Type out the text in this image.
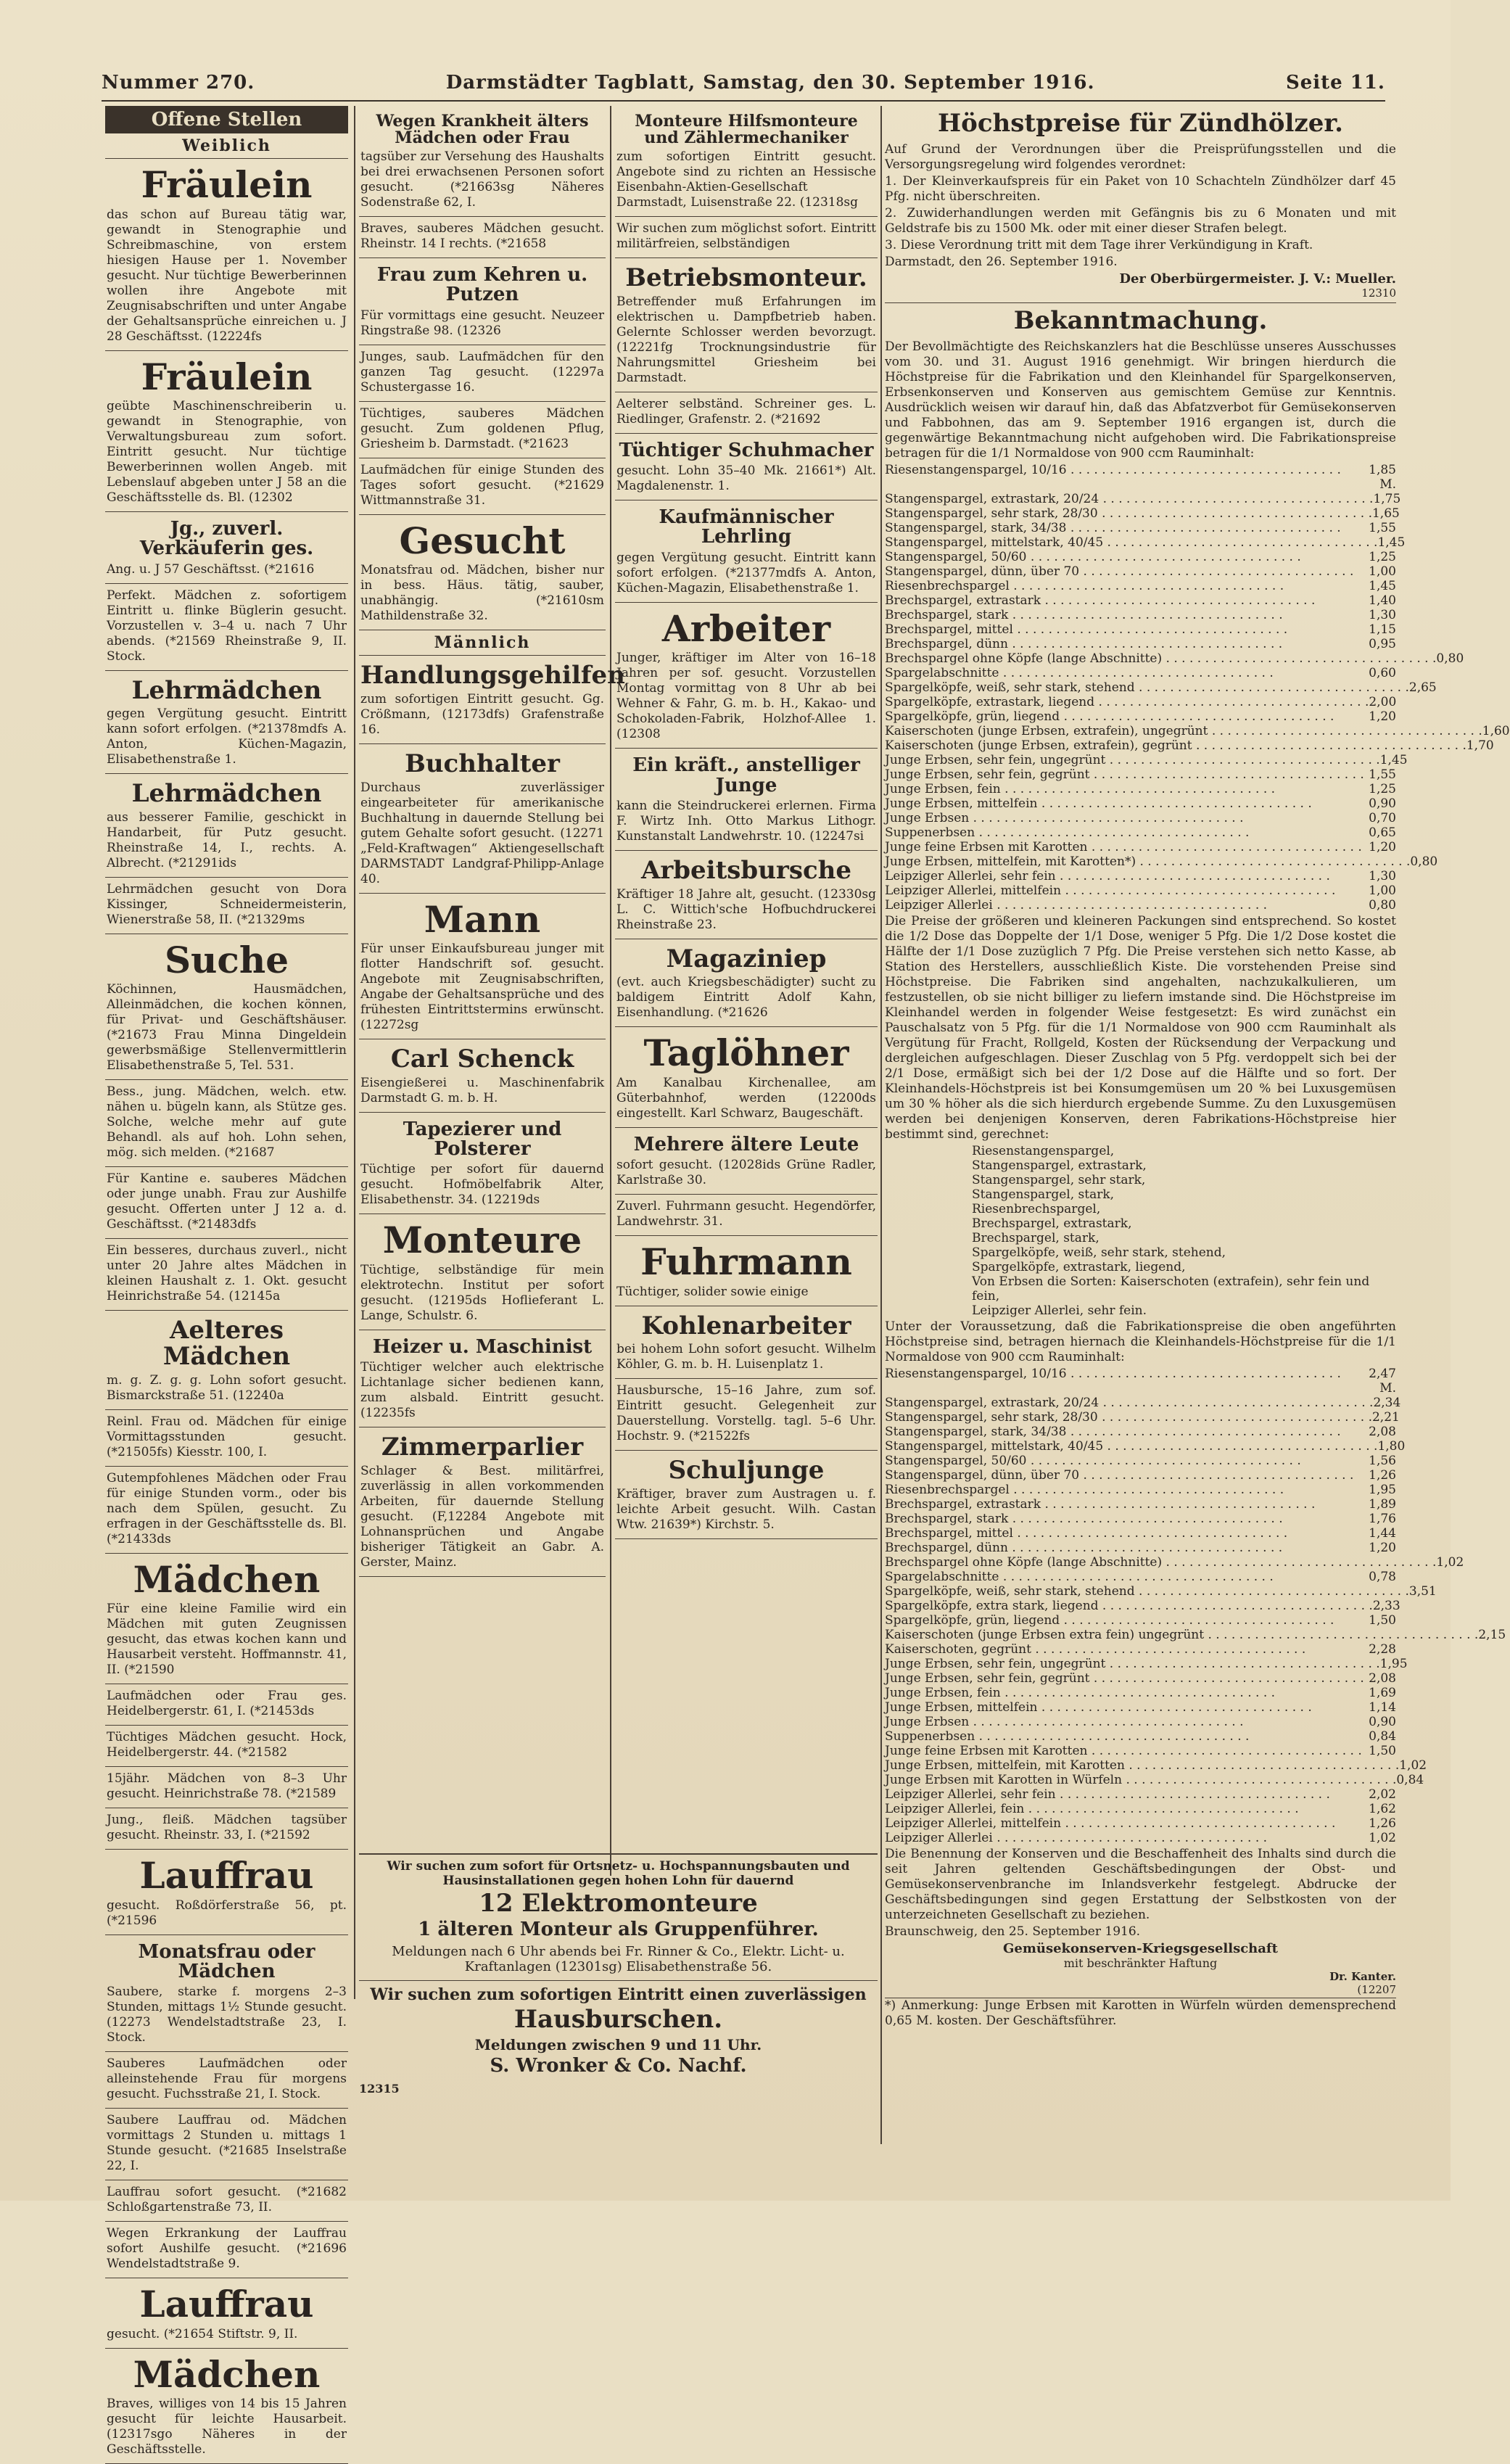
Nummer 270.	Darmstädter Tagblatt, Samstag, den 30. September 1916.	Seite 11.
Offene Stellen
Weiblich
Fräulein

das schon auf Bureau tätig war, gewandt in Stenographie und Schreibmaschine, von erstem hiesigen Hause per 1. November gesucht. Nur tüchtige Bewerberinnen wollen ihre Angebote mit Zeugnisabschriften und unter Angabe der Gehaltsansprüche einreichen u. J 28 Geschäftsst. (12224fs

Fräulein

geübte Maschinenschreiberin u. gewandt in Stenographie, von Verwaltungsbureau zum sofort. Eintritt gesucht. Nur tüchtige Bewerberinnen wollen Angeb. mit Lebenslauf abgeben unter J 58 an die Geschäftsstelle ds. Bl. (12302

Jg., zuverl. Verkäuferin ges.

Ang. u. J 57 Geschäftsst. (*21616

Perfekt. Mädchen z. sofortigem Eintritt u. flinke Büglerin gesucht. Vorzustellen v. 3–4 u. nach 7 Uhr abends. (*21569 Rheinstraße 9, II. Stock.

Lehrmädchen

gegen Vergütung gesucht. Eintritt kann sofort erfolgen. (*21378mdfs A. Anton, Küchen-Magazin, Elisabethenstraße 1.

Lehrmädchen

aus besserer Familie, geschickt in Handarbeit, für Putz gesucht. Rheinstraße 14, I., rechts. A. Albrecht. (*21291ids

Lehrmädchen gesucht von Dora Kissinger, Schneidermeisterin, Wienerstraße 58, II. (*21329ms

Suche

Köchinnen, Hausmädchen, Alleinmädchen, die kochen können, für Privat- und Geschäftshäuser. (*21673 Frau Minna Dingeldein gewerbsmäßige Stellenvermittlerin Elisabethenstraße 5, Tel. 531.

Bess., jung. Mädchen, welch. etw. nähen u. bügeln kann, als Stütze ges. Solche, welche mehr auf gute Behandl. als auf hoh. Lohn sehen, mög. sich melden. (*21687

Für Kantine e. sauberes Mädchen oder junge unabh. Frau zur Aushilfe gesucht. Offerten unter J 12 a. d. Geschäftsst. (*21483dfs

Ein besseres, durchaus zuverl., nicht unter 20 Jahre altes Mädchen in kleinen Haushalt z. 1. Okt. gesucht Heinrichstraße 54. (12145a

Aelteres Mädchen

m. g. Z. g. g. Lohn sofort gesucht. Bismarckstraße 51. (12240a

Reinl. Frau od. Mädchen für einige Vormittagsstunden gesucht. (*21505fs) Kiesstr. 100, I.

Gutempfohlenes Mädchen oder Frau für einige Stunden vorm., oder bis nach dem Spülen, gesucht. Zu erfragen in der Geschäftsstelle ds. Bl. (*21433ds

Mädchen

Für eine kleine Familie wird ein Mädchen mit guten Zeugnissen gesucht, das etwas kochen kann und Hausarbeit versteht. Hoffmannstr. 41, II. (*21590

Laufmädchen oder Frau ges. Heidelbergerstr. 61, I. (*21453ds

Tüchtiges Mädchen gesucht. Hock, Heidelbergerstr. 44. (*21582

15jähr. Mädchen von 8–3 Uhr gesucht. Heinrichstraße 78. (*21589

Jung., fleiß. Mädchen tagsüber gesucht. Rheinstr. 33, I. (*21592

Lauffrau

gesucht. Roßdörferstraße 56, pt. (*21596

Monatsfrau oder Mädchen

Saubere, starke f. morgens 2–3 Stunden, mittags 1½ Stunde gesucht. (12273 Wendelstadtstraße 23, I. Stock.

Sauberes Laufmädchen oder alleinstehende Frau für morgens gesucht. Fuchsstraße 21, I. Stock.

Saubere Lauffrau od. Mädchen vormittags 2 Stunden u. mittags 1 Stunde gesucht. (*21685 Inselstraße 22, I.

Lauffrau sofort gesucht. (*21682 Schloßgartenstraße 73, II.

Wegen Erkrankung der Lauffrau sofort Aushilfe gesucht. (*21696 Wendelstadtstraße 9.

Lauffrau

gesucht. (*21654 Stiftstr. 9, II.

Mädchen

Braves, williges von 14 bis 15 Jahren gesucht für leichte Hausarbeit. (12317sgo Näheres in der Geschäftsstelle.

Wegen Krankheit älters Mädchen oder Frau

tagsüber zur Versehung des Haushalts bei drei erwachsenen Personen sofort gesucht. (*21663sg Näheres Sodenstraße 62, I.

Braves, sauberes Mädchen gesucht. Rheinstr. 14 I rechts. (*21658

Frau zum Kehren u. Putzen

Für vormittags eine gesucht. Neuzeer Ringstraße 98. (12326

Junges, saub. Laufmädchen für den ganzen Tag gesucht. (12297a Schustergasse 16.

Tüchtiges, sauberes Mädchen gesucht. Zum goldenen Pflug, Griesheim b. Darmstadt. (*21623

Laufmädchen für einige Stunden des Tages sofort gesucht. (*21629 Wittmannstraße 31.

Gesucht

Monatsfrau od. Mädchen, bisher nur in bess. Häus. tätig, sauber, unabhängig. (*21610sm Mathildenstraße 32.

Männlich
Handlungsgehilfen

zum sofortigen Eintritt gesucht. Gg. Crößmann, (12173dfs) Grafenstraße 16.

Buchhalter

Durchaus zuverlässiger eingearbeiteter für amerikanische Buchhaltung in dauernde Stellung bei gutem Gehalte sofort gesucht. (12271 „Feld-Kraftwagen“ Aktiengesellschaft DARMSTADT Landgraf-Philipp-Anlage 40.

Mann

Für unser Einkaufsbureau junger mit flotter Handschrift sof. gesucht. Angebote mit Zeugnisabschriften, Angabe der Gehaltsansprüche und des frühesten Eintrittstermins erwünscht. (12272sg

Carl Schenck

Eisengießerei u. Maschinenfabrik Darmstadt G. m. b. H.

Tapezierer und Polsterer

Tüchtige per sofort für dauernd gesucht. Hofmöbelfabrik Alter, Elisabethenstr. 34. (12219ds

Monteure

Tüchtige, selbständige für mein elektrotechn. Institut per sofort gesucht. (12195ds Hoflieferant L. Lange, Schulstr. 6.

Heizer u. Maschinist

Tüchtiger welcher auch elektrische Lichtanlage sicher bedienen kann, zum alsbald. Eintritt gesucht. (12235fs

Zimmerparlier

Schlager & Best. militärfrei, zuverlässig in allen vorkommenden Arbeiten, für dauernde Stellung gesucht. (F,12284 Angebote mit Lohnansprüchen und Angabe bisheriger Tätigkeit an Gabr. A. Gerster, Mainz.

Monteure Hilfsmonteure und Zählermechaniker

zum sofortigen Eintritt gesucht. Angebote sind zu richten an Hessische Eisenbahn-Aktien-Gesellschaft Darmstadt, Luisenstraße 22. (12318sg

Wir suchen zum möglichst sofort. Eintritt militärfreien, selbständigen

Betriebsmonteur.

Betreffender muß Erfahrungen im elektrischen u. Dampfbetrieb haben. Gelernte Schlosser werden bevorzugt. (12221fg Trocknungsindustrie für Nahrungsmittel Griesheim bei Darmstadt.

Aelterer selbständ. Schreiner ges. L. Riedlinger, Grafenstr. 2. (*21692

Tüchtiger Schuhmacher

gesucht. Lohn 35–40 Mk. 21661*) Alt. Magdalenenstr. 1.

Kaufmännischer Lehrling

gegen Vergütung gesucht. Eintritt kann sofort erfolgen. (*21377mdfs A. Anton, Küchen-Magazin, Elisabethenstraße 1.

Arbeiter

Junger, kräftiger im Alter von 16–18 Jahren per sof. gesucht. Vorzustellen Montag vormittag von 8 Uhr ab bei Wehner & Fahr, G. m. b. H., Kakao- und Schokoladen-Fabrik, Holzhof-Allee 1. (12308

Ein kräft., anstelliger Junge

kann die Steindruckerei erlernen. Firma F. Wirtz Inh. Otto Markus Lithogr. Kunstanstalt Landwehrstr. 10. (12247si

Arbeitsbursche

Kräftiger 18 Jahre alt, gesucht. (12330sg L. C. Wittich'sche Hofbuchdruckerei Rheinstraße 23.

Magaziniер

(evt. auch Kriegsbeschädigter) sucht zu baldigem Eintritt Adolf Kahn, Eisenhandlung. (*21626

Taglöhner

Am Kanalbau Kirchenallee, am Güterbahnhof, werden (12200ds eingestellt. Karl Schwarz, Baugeschäft.

Mehrere ältere Leute

sofort gesucht. (12028ids Grüne Radler, Karlstraße 30.

Zuverl. Fuhrmann gesucht. Hegendörfer, Landwehrstr. 31.

Fuhrmann

Tüchtiger, solider sowie einige

Kohlenarbeiter

bei hohem Lohn sofort gesucht. Wilhelm Köhler, G. m. b. H. Luisenplatz 1.

Hausbursche, 15–16 Jahre, zum sof. Eintritt gesucht. Gelegenheit zur Dauerstellung. Vorstellg. tagl. 5–6 Uhr. Hochstr. 9. (*21522fs

Schuljunge

Kräftiger, braver zum Austragen u. f. leichte Arbeit gesucht. Wilh. Castan Wtw. 21639*) Kirchstr. 5.

Wir suchen zum sofort für Ortsnetz- u. Hochspannungsbauten und Hausinstallationen gegen hohen Lohn für dauernd
12 Elektromonteure
1 älteren Monteur als Gruppenführer.
Meldungen nach 6 Uhr abends bei Fr. Rinner & Co., Elektr. Licht- u. Kraftanlagen (12301sg) Elisabethenstraße 56.
Wir suchen zum sofortigen Eintritt einen zuverlässigen
Hausburschen.
Meldungen zwischen 9 und 11 Uhr.
S. Wronker & Co. Nachf.
12315
Höchstpreise für Zündhölzer.
Auf Grund der Verordnungen über die Preisprüfungsstellen und die Versorgungsregelung wird folgendes verordnet:
1. Der Kleinverkaufspreis für ein Paket von 10 Schachteln Zündhölzer darf 45 Pfg. nicht überschreiten.
2. Zuwiderhandlungen werden mit Gefängnis bis zu 6 Monaten und mit Geldstrafe bis zu 1500 Mk. oder mit einer dieser Strafen belegt.
3. Diese Verordnung tritt mit dem Tage ihrer Verkündigung in Kraft.
Darmstadt, den 26. September 1916.
Der Oberbürgermeister. J. V.: Mueller.
12310
Bekanntmachung.
Der Bevollmächtigte des Reichskanzlers hat die Beschlüsse unseres Ausschusses vom 30. und 31. August 1916 genehmigt. Wir bringen hierdurch die Höchstpreise für die Fabrikation und den Kleinhandel für Spargelkonserven, Erbsenkonserven und Konserven aus gemischtem Gemüse zur Kenntnis. Ausdrücklich weisen wir darauf hin, daß das Abfatzverbot für Gemüsekonserven und Fabbohnen, das am 9. September 1916 ergangen ist, durch die gegenwärtige Bekanntmachung nicht aufgehoben wird. Die Fabrikationspreise betragen für die 1/1 Normaldose von 900 ccm Rauminhalt:
Riesenstangenspargel, 10/16 . . .	1,85 M.
Stangenspargel, extrastark, 20/24 . . .	1,75
Stangenspargel, sehr stark, 28/30 . . .	1,65
Stangenspargel, stark, 34/38 . . .	1,55
Stangenspargel, mittelstark, 40/45 . . .	1,45
Stangenspargel, 50/60 . . .	1,25
Stangenspargel, dünn, über 70 . . .	1,00
Riesenbrechspargel . . .	1,45
Brechspargel, extrastark . . .	1,40
Brechspargel, stark . . .	1,30
Brechspargel, mittel . . .	1,15
Brechspargel, dünn . . .	0,95
Brechspargel ohne Köpfe (lange Abschnitte) . . .	0,80
Spargelabschnitte . . .	0,60
Spargelköpfe, weiß, sehr stark, stehend . . .	2,65
Spargelköpfe, extrastark, liegend . . .	2,00
Spargelköpfe, grün, liegend . . .	1,20
Kaiserschoten (junge Erbsen, extrafein), ungegrünt . . .	1,60
Kaiserschoten (junge Erbsen, extrafein), gegrünt . . .	1,70
Junge Erbsen, sehr fein, ungegrünt . . .	1,45
Junge Erbsen, sehr fein, gegrünt . . .	1,55
Junge Erbsen, fein . . .	1,25
Junge Erbsen, mittelfein . . .	0,90
Junge Erbsen . . .	0,70
Suppenerbsen . . .	0,65
Junge feine Erbsen mit Karotten . . .	1,20
Junge Erbsen, mittelfein, mit Karotten*) . . .	0,80
Leipziger Allerlei, sehr fein . . .	1,30
Leipziger Allerlei, mittelfein . . .	1,00
Leipziger Allerlei . . .	0,80
Die Preise der größeren und kleineren Packungen sind entsprechend. So kostet die 1/2 Dose das Doppelte der 1/1 Dose, weniger 5 Pfg. Die 1/2 Dose kostet die Hälfte der 1/1 Dose zuzüglich 7 Pfg. Die Preise verstehen sich netto Kasse, ab Station des Herstellers, ausschließlich Kiste. Die vorstehenden Preise sind Höchstpreise. Die Fabriken sind angehalten, nachzukalkulieren, um festzustellen, ob sie nicht billiger zu liefern imstande sind. Die Höchstpreise im Kleinhandel werden in folgender Weise festgesetzt: Es wird zunächst ein Pauschalsatz von 5 Pfg. für die 1/1 Normaldose von 900 ccm Rauminhalt als Vergütung für Fracht, Rollgeld, Kosten der Rücksendung der Verpackung und dergleichen aufgeschlagen. Dieser Zuschlag von 5 Pfg. verdoppelt sich bei der 2/1 Dose, ermäßigt sich bei der 1/2 Dose auf die Hälfte und so fort. Der Kleinhandels-Höchstpreis ist bei Konsumgemüsen um 20 % bei Luxusgemüsen um 30 % höher als die sich hierdurch ergebende Summe. Zu den Luxusgemüsen werden bei denjenigen Konserven, deren Fabrikations-Höchstpreise hier bestimmt sind, gerechnet:
Riesenstangenspargel,
Stangenspargel, extrastark,
Stangenspargel, sehr stark,
Stangenspargel, stark,
Riesenbrechspargel,
Brechspargel, extrastark,
Brechspargel, stark,
Spargelköpfe, weiß, sehr stark, stehend,
Spargelköpfe, extrastark, liegend,
Von Erbsen die Sorten: Kaiserschoten (extrafein), sehr fein und fein,
Leipziger Allerlei, sehr fein.
Unter der Voraussetzung, daß die Fabrikationspreise die oben angeführten Höchstpreise sind, betragen hiernach die Kleinhandels-Höchstpreise für die 1/1 Normaldose von 900 ccm Rauminhalt:
Riesenstangenspargel, 10/16 . . .	2,47 M.
Stangenspargel, extrastark, 20/24 . . .	2,34
Stangenspargel, sehr stark, 28/30 . . .	2,21
Stangenspargel, stark, 34/38 . . .	2,08
Stangenspargel, mittelstark, 40/45 . . .	1,80
Stangenspargel, 50/60 . . .	1,56
Stangenspargel, dünn, über 70 . . .	1,26
Riesenbrechspargel . . .	1,95
Brechspargel, extrastark . . .	1,89
Brechspargel, stark . . .	1,76
Brechspargel, mittel . . .	1,44
Brechspargel, dünn . . .	1,20
Brechspargel ohne Köpfe (lange Abschnitte) . . .	1,02
Spargelabschnitte . . .	0,78
Spargelköpfe, weiß, sehr stark, stehend . . .	3,51
Spargelköpfe, extra stark, liegend . . .	2,33
Spargelköpfe, grün, liegend . . .	1,50
Kaiserschoten (junge Erbsen extra fein) ungegrünt . . .	2,15
Kaiserschoten, gegrünt . . .	2,28
Junge Erbsen, sehr fein, ungegrünt . . .	1,95
Junge Erbsen, sehr fein, gegrünt . . .	2,08
Junge Erbsen, fein . . .	1,69
Junge Erbsen, mittelfein . . .	1,14
Junge Erbsen . . .	0,90
Suppenerbsen . . .	0,84
Junge feine Erbsen mit Karotten . . .	1,50
Junge Erbsen, mittelfein, mit Karotten . . .	1,02
Junge Erbsen mit Karotten in Würfeln . . .	0,84
Leipziger Allerlei, sehr fein . . .	2,02
Leipziger Allerlei, fein . . .	1,62
Leipziger Allerlei, mittelfein . . .	1,26
Leipziger Allerlei . . .	1,02
Die Benennung der Konserven und die Beschaffenheit des Inhalts sind durch die seit Jahren geltenden Geschäftsbedingungen der Obst- und Gemüsekonservenbranche im Inlandsverkehr festgelegt. Abdrucke der Geschäftsbedingungen sind gegen Erstattung der Selbstkosten von der unterzeichneten Gesellschaft zu beziehen.
Braunschweig, den 25. September 1916.
Gemüsekonserven-Kriegsgesellschaft
mit beschränkter Haftung
Dr. Kanter.
(12207
*) Anmerkung: Junge Erbsen mit Karotten in Würfeln würden demensprechend 0,65 M. kosten. Der Geschäftsführer.
